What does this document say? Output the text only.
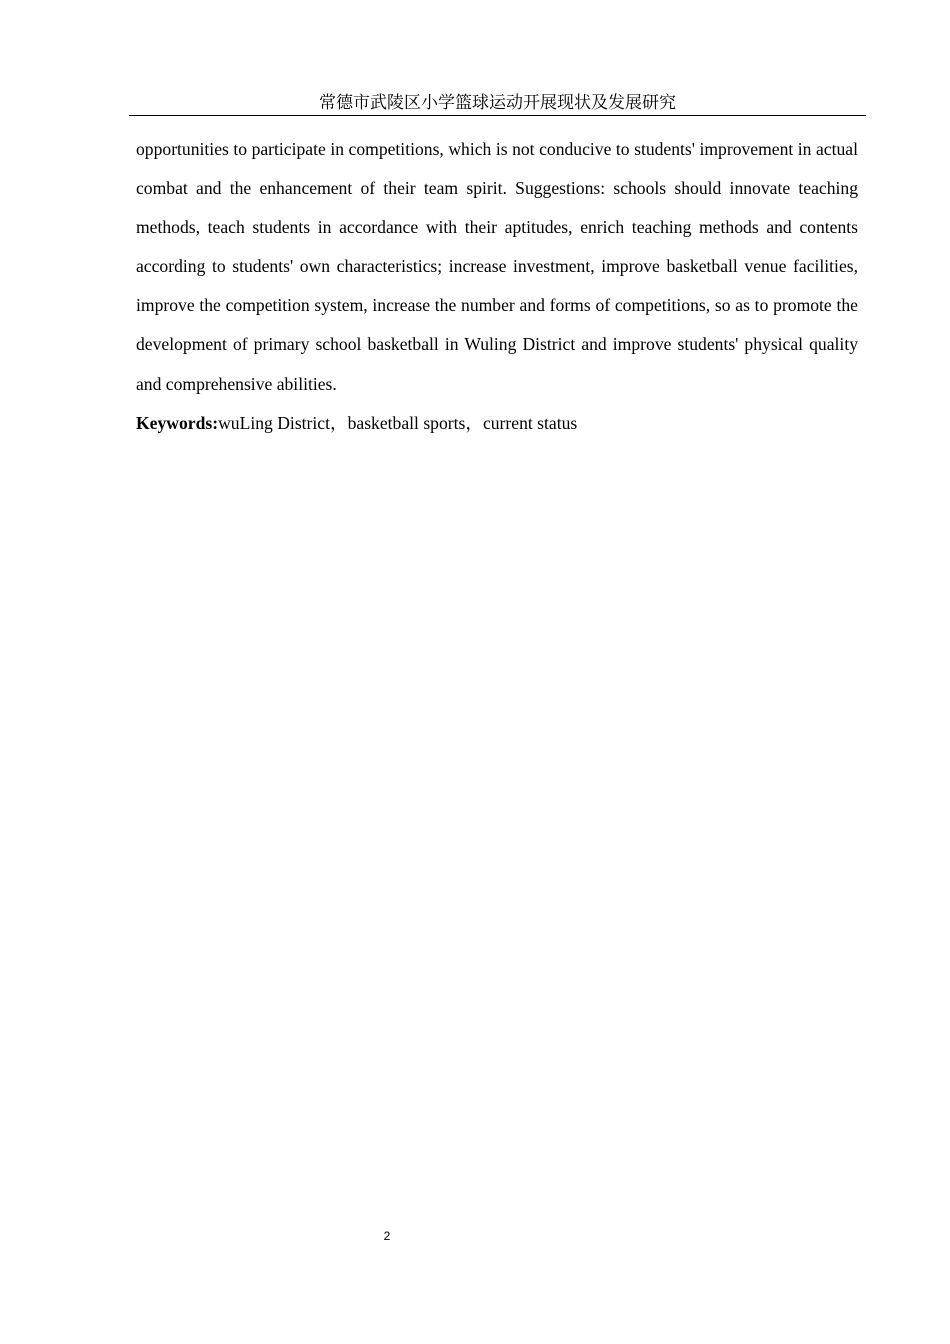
常德市武陵区小学篮球运动开展现状及发展研究

opportunities to participate in competitions, which is not conducive to students' improvement in actual combat and the enhancement of their team spirit. Suggestions: schools should innovate teaching methods, teach students in accordance with their aptitudes, enrich teaching methods and contents according to students' own characteristics; increase investment, improve basketball venue facilities, improve the competition system, increase the number and forms of competitions, so as to promote the development of primary school basketball in Wuling District and improve students' physical quality and comprehensive abilities.

Keywords:wuLing District，basketball sports，current status

2
